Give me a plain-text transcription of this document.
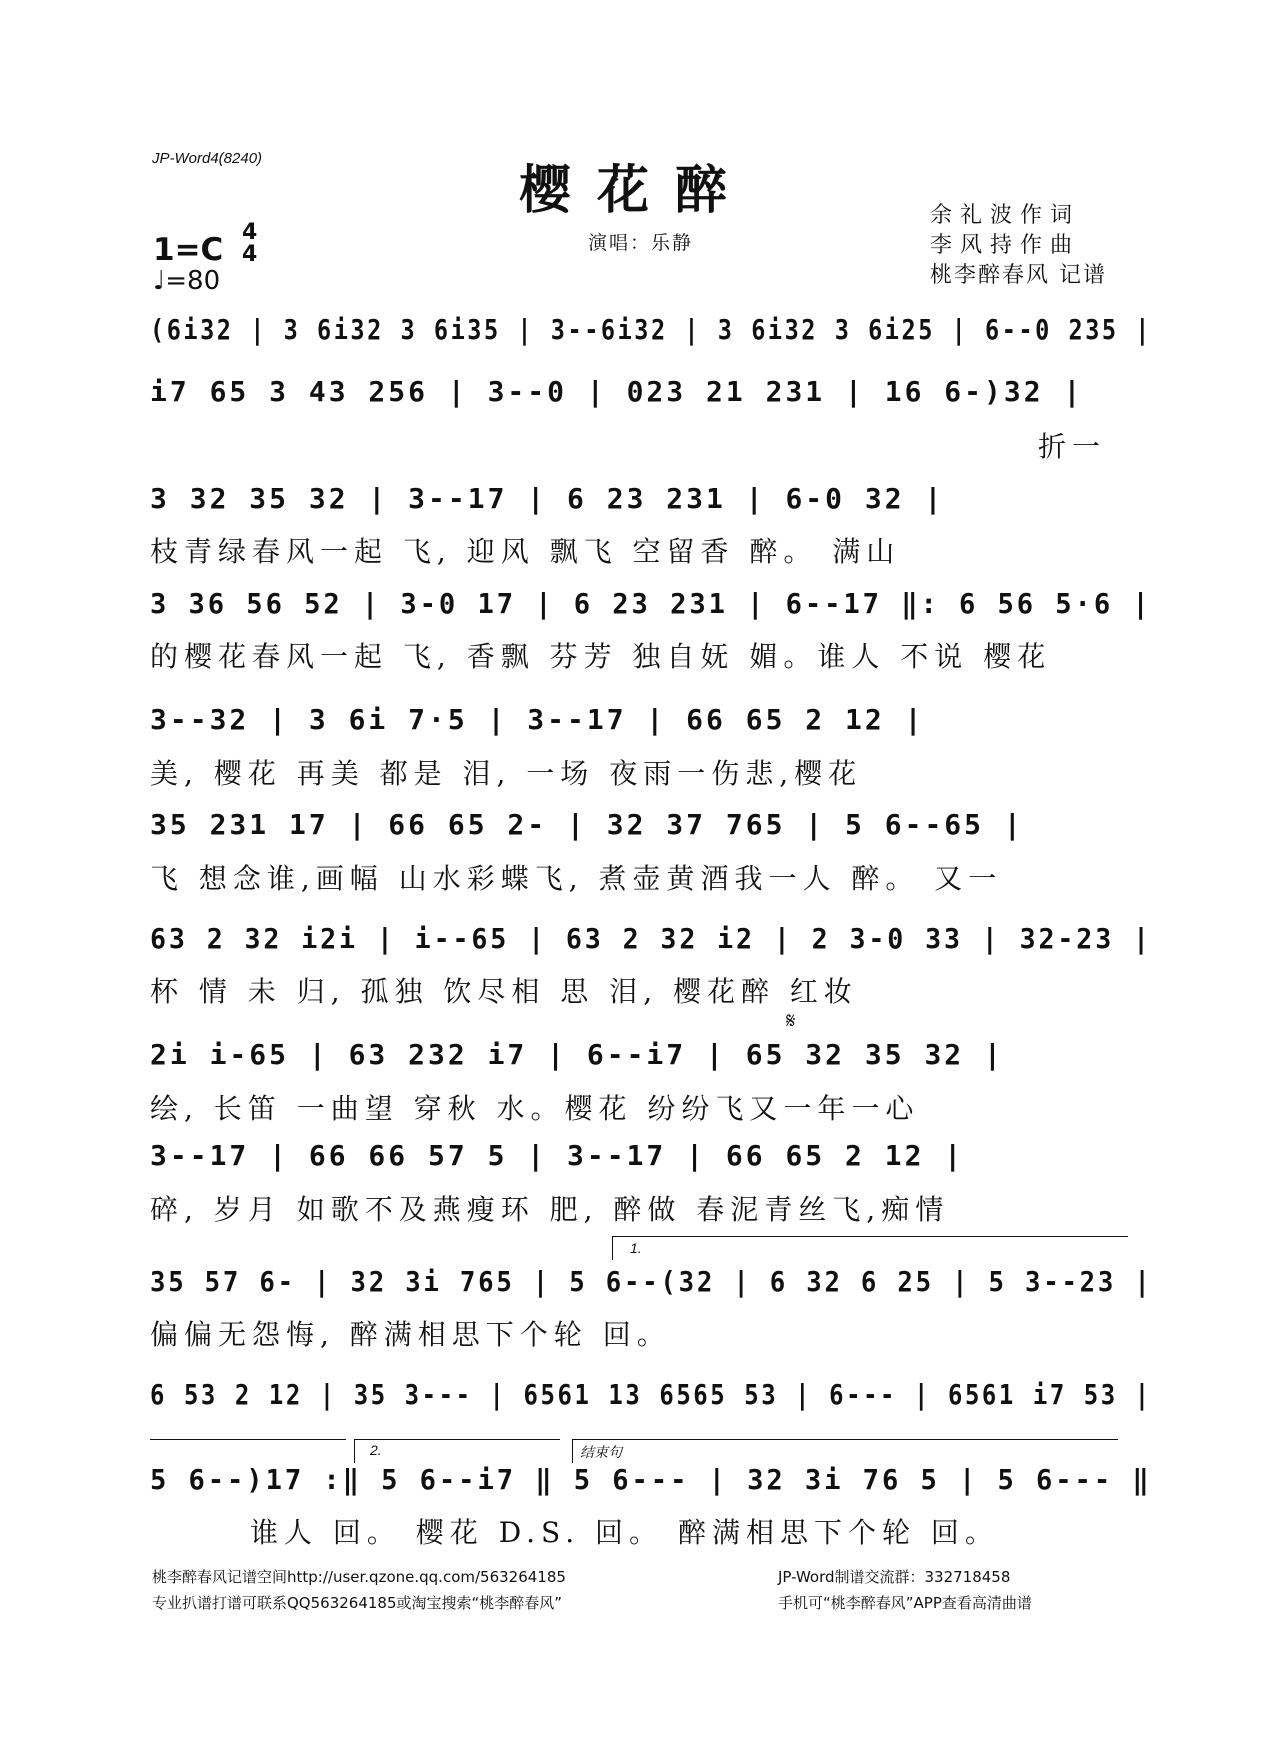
JP-Word4(8240)
樱花醉
演唱：乐静
余礼波作词
李风持作曲
桃李醉春风 记谱
1=C 4
4
♩=80
(6i32 | 3 6i32 3 6i35 | 3--6i32 | 3 6i32 3 6i25 | 6--0 235 |
i7 65 3 43 256 | 3--0 | 023 21 231 | 16 6-)32 |
折一
3 32 35 32 | 3--17 | 6 23 231 | 6-0 32 |
枝青绿春风一起 飞, 迎风 飘飞 空留香 醉。 满山
3 36 56 52 | 3-0 17 | 6 23 231 | 6--17 ‖: 6 56 5·6 |
的樱花春风一起 飞, 香飘 芬芳 独自妩 媚。谁人 不说 樱花
3--32 | 3 6i 7·5 | 3--17 | 66 65 2 12 |
美, 樱花 再美 都是 泪, 一场 夜雨一伤悲,樱花
35 231 17 | 66 65 2- | 32 37 765 | 5 6--65 |
飞 想念谁,画幅 山水彩蝶飞, 煮壶黄酒我一人 醉。 又一
63 2 32 i2i | i--65 | 63 2 32 i2 | 2 3-0 33 | 32-23 |
杯 情 未 归, 孤独 饮尽相 思 泪, 樱花醉 红妆
𝄋
2i i-65 | 63 232 i7 | 6--i7 | 65 32 35 32 |
绘, 长笛 一曲望 穿秋 水。樱花 纷纷飞又一年一心
3--17 | 66 66 57 5 | 3--17 | 66 65 2 12 |
碎, 岁月 如歌不及燕瘦环 肥, 醉做 春泥青丝飞,痴情
1.
35 57 6- | 32 3i 765 | 5 6--(32 | 6 32 6 25 | 5 3--23 |
偏偏无怨悔, 醉满相思下个轮 回。
6 53 2 12 | 35 3--- | 6561 13 6565 53 | 6--- | 6561 i7 53 |
2.	结束句
5 6--)17 :‖ 5 6--i7 ‖ 5 6--- | 32 3i 76 5 | 5 6--- ‖
谁人 回。 樱花 D.S. 回。 醉满相思下个轮 回。
桃李醉春风记谱空间http://user.qzone.qq.com/563264185
专业扒谱打谱可联系QQ563264185或淘宝搜索“桃李醉春风”
JP-Word制谱交流群：332718458
手机可“桃李醉春风”APP查看高清曲谱
